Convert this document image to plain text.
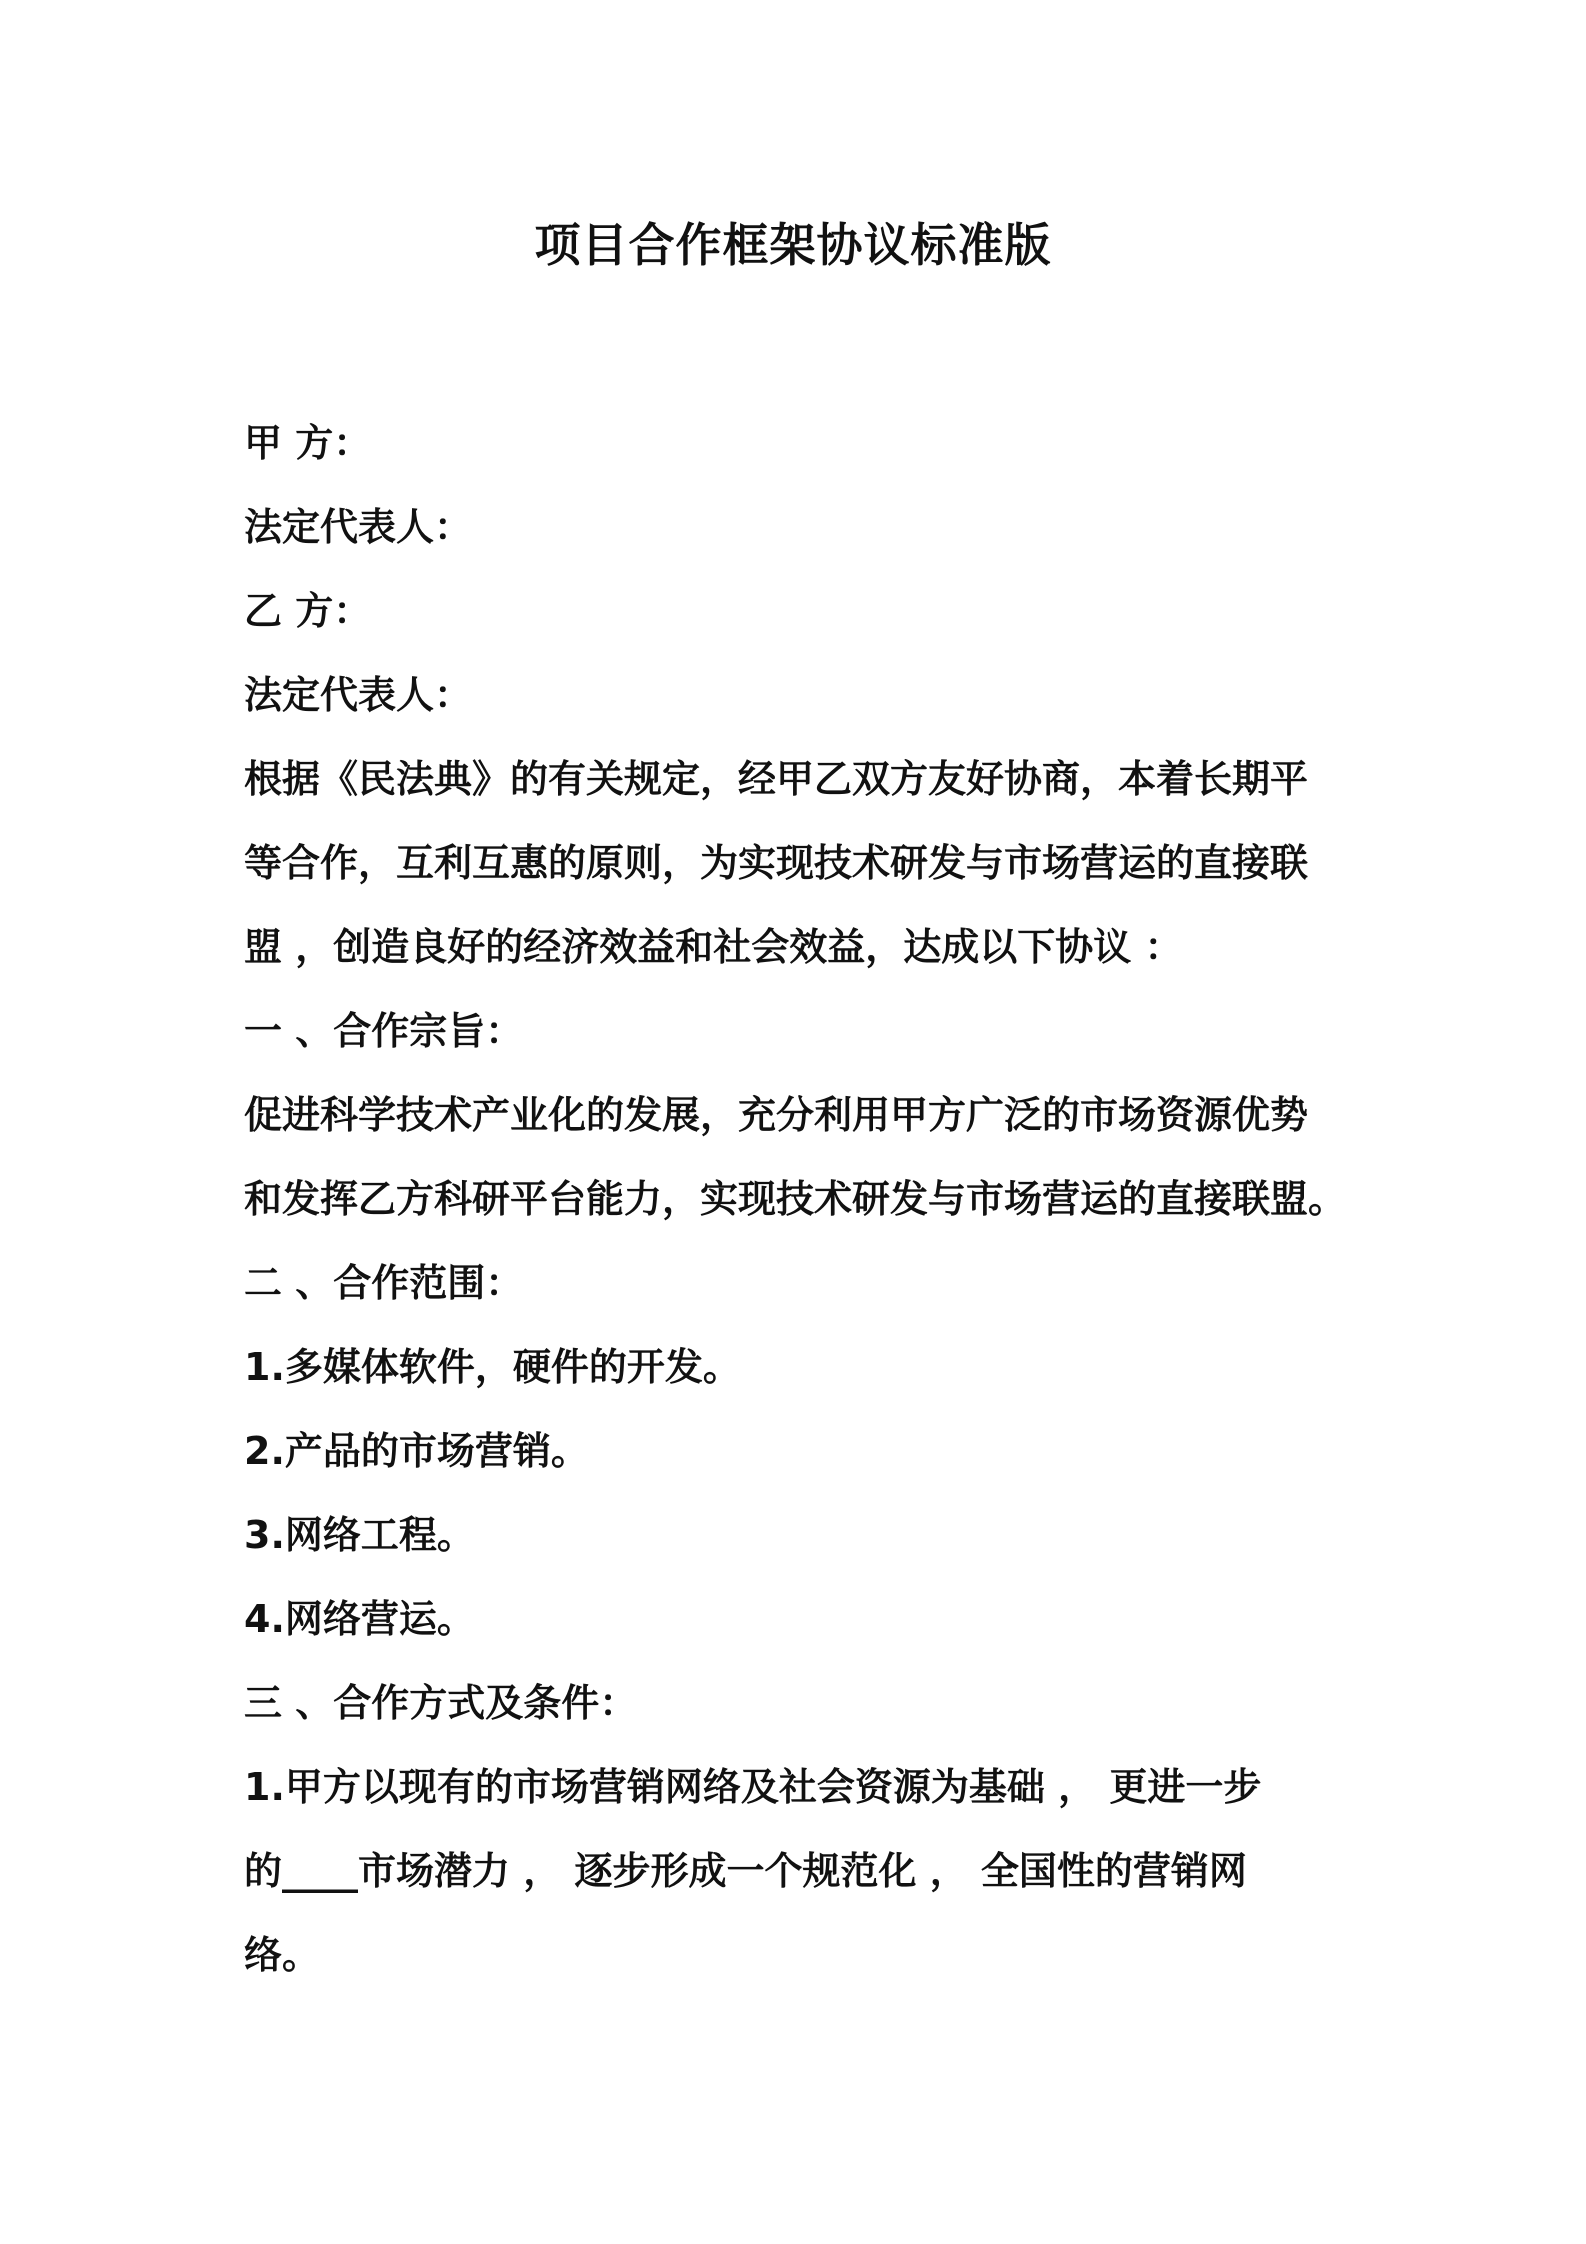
项目合作框架协议标准版

甲 方：

法定代表人：

乙 方：

法定代表人：

根据《民法典》的有关规定，经甲乙双方友好协商，本着长期平

等合作，互利互惠的原则，为实现技术研发与市场营运的直接联

盟 ，创造良好的经济效益和社会效益，达成以下协议 ：

一 、合作宗旨：

促进科学技术产业化的发展，充分利用甲方广泛的市场资源优势

和发挥乙方科研平台能力，实现技术研发与市场营运的直接联盟。

二 、合作范围：

1.多媒体软件，硬件的开发。

2.产品的市场营销。

3.网络工程。

4.网络营运。

三 、合作方式及条件：

1.甲方以现有的市场营销网络及社会资源为基础 ， 更进一步

的____市场潜力 ， 逐步形成一个规范化 ， 全国性的营销网

络。
